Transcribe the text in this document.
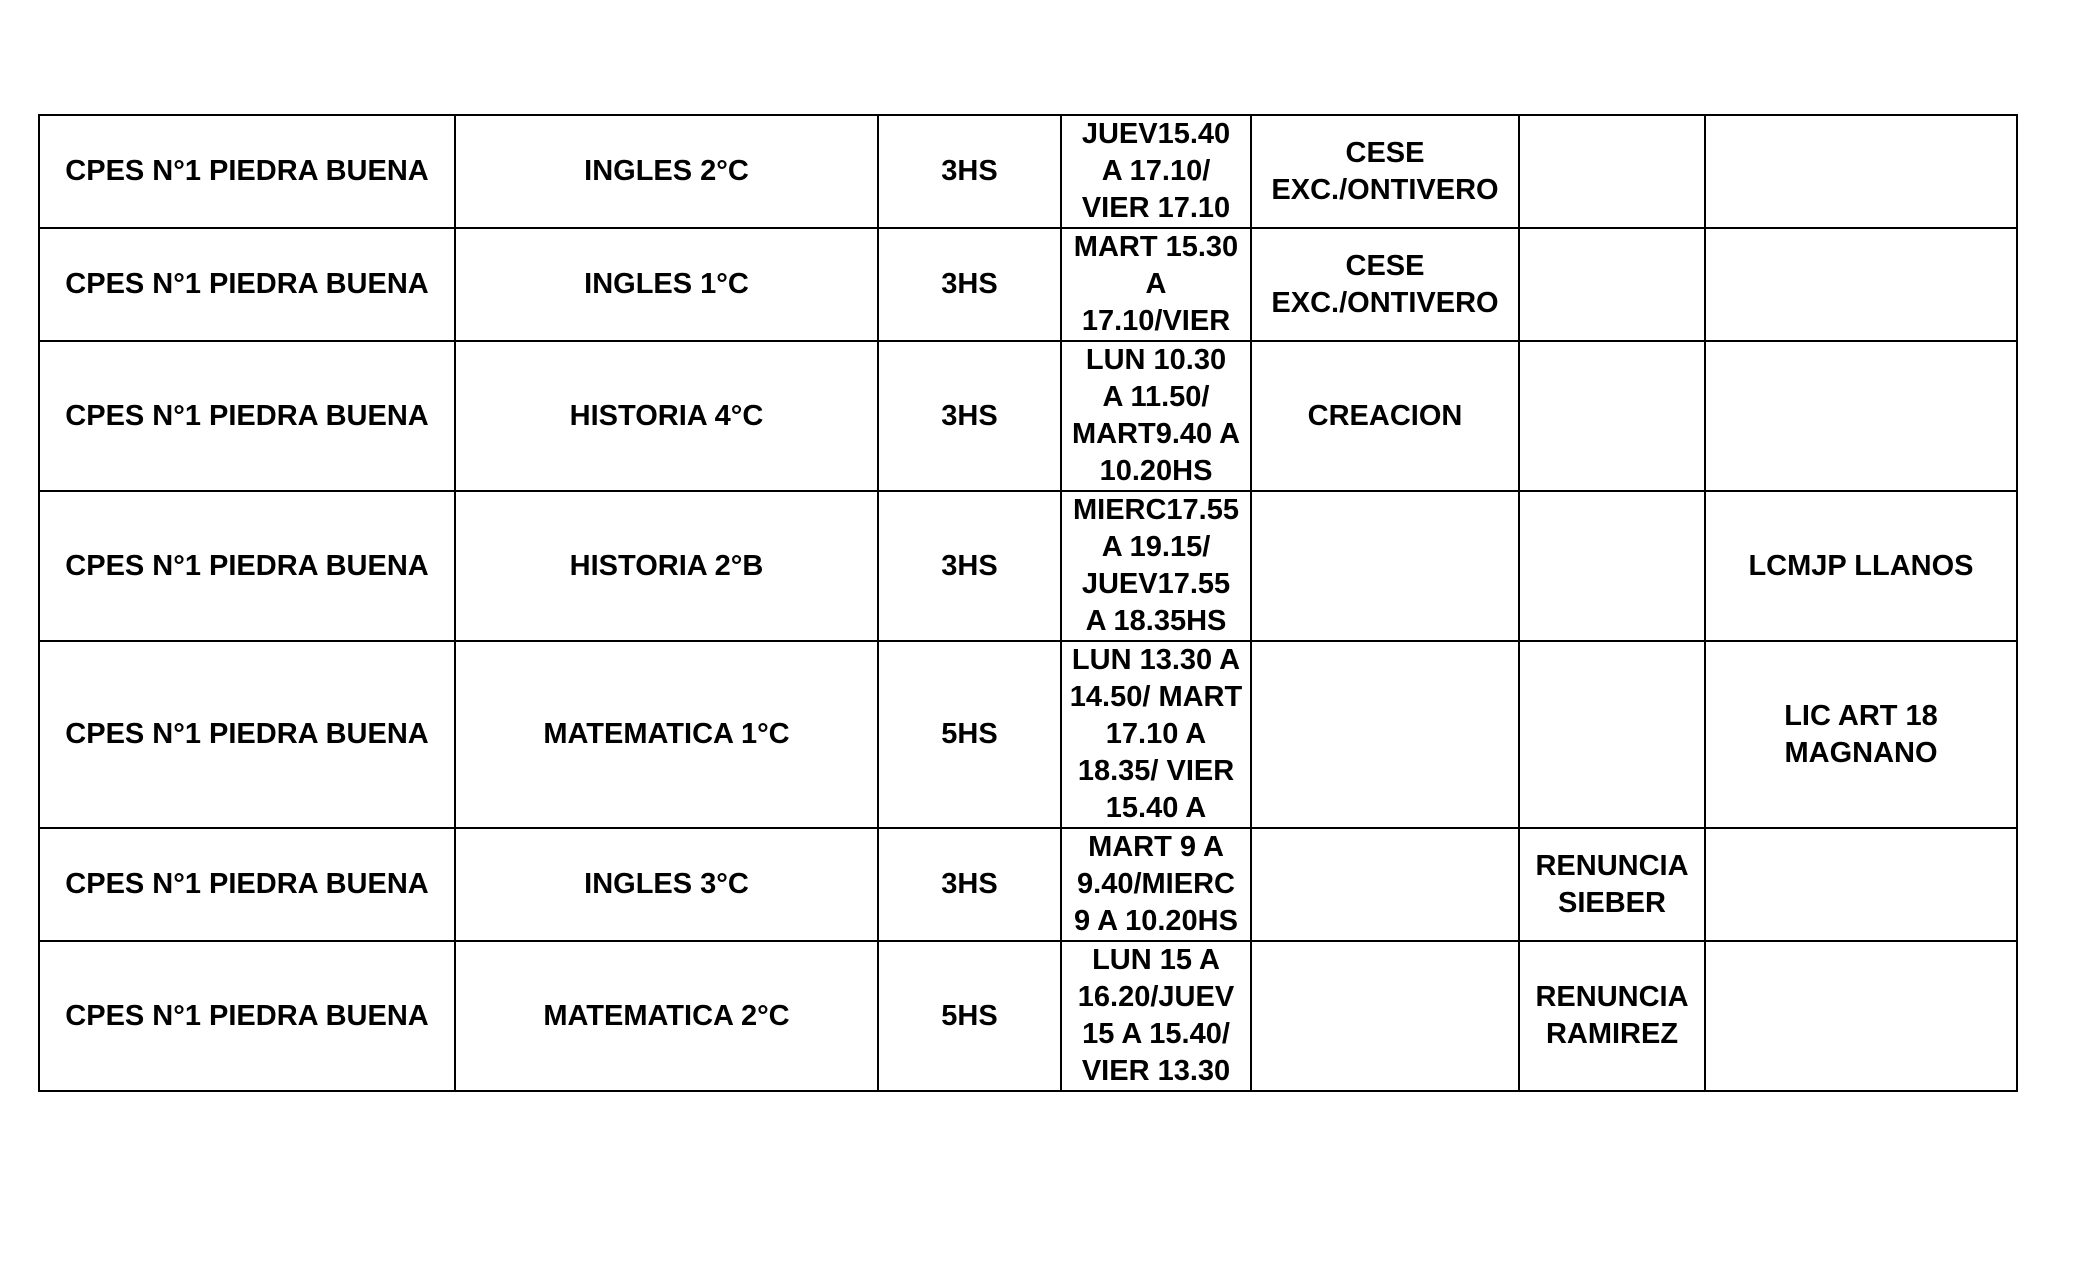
CPES N°1 PIEDRA BUENA	INGLES 2°C	3HS	JUEV15.40
A 17.10/
VIER 17.10	CESE
EXC./ONTIVERO		
CPES N°1 PIEDRA BUENA	INGLES 1°C	3HS	MART 15.30
A
17.10/VIER	CESE
EXC./ONTIVERO		
CPES N°1 PIEDRA BUENA	HISTORIA 4°C	3HS	LUN 10.30
A 11.50/
MART9.40 A
10.20HS	CREACION		
CPES N°1 PIEDRA BUENA	HISTORIA 2°B	3HS	MIERC17.55
A 19.15/
JUEV17.55
A 18.35HS			LCMJP LLANOS
CPES N°1 PIEDRA BUENA	MATEMATICA 1°C	5HS	LUN 13.30 A
14.50/ MART
17.10 A
18.35/ VIER
15.40 A			LIC ART 18
MAGNANO
CPES N°1 PIEDRA BUENA	INGLES 3°C	3HS	MART 9 A
9.40/MIERC
9 A 10.20HS		RENUNCIA
SIEBER	
CPES N°1 PIEDRA BUENA	MATEMATICA 2°C	5HS	LUN 15 A
16.20/JUEV
15 A 15.40/
VIER 13.30		RENUNCIA
RAMIREZ	
